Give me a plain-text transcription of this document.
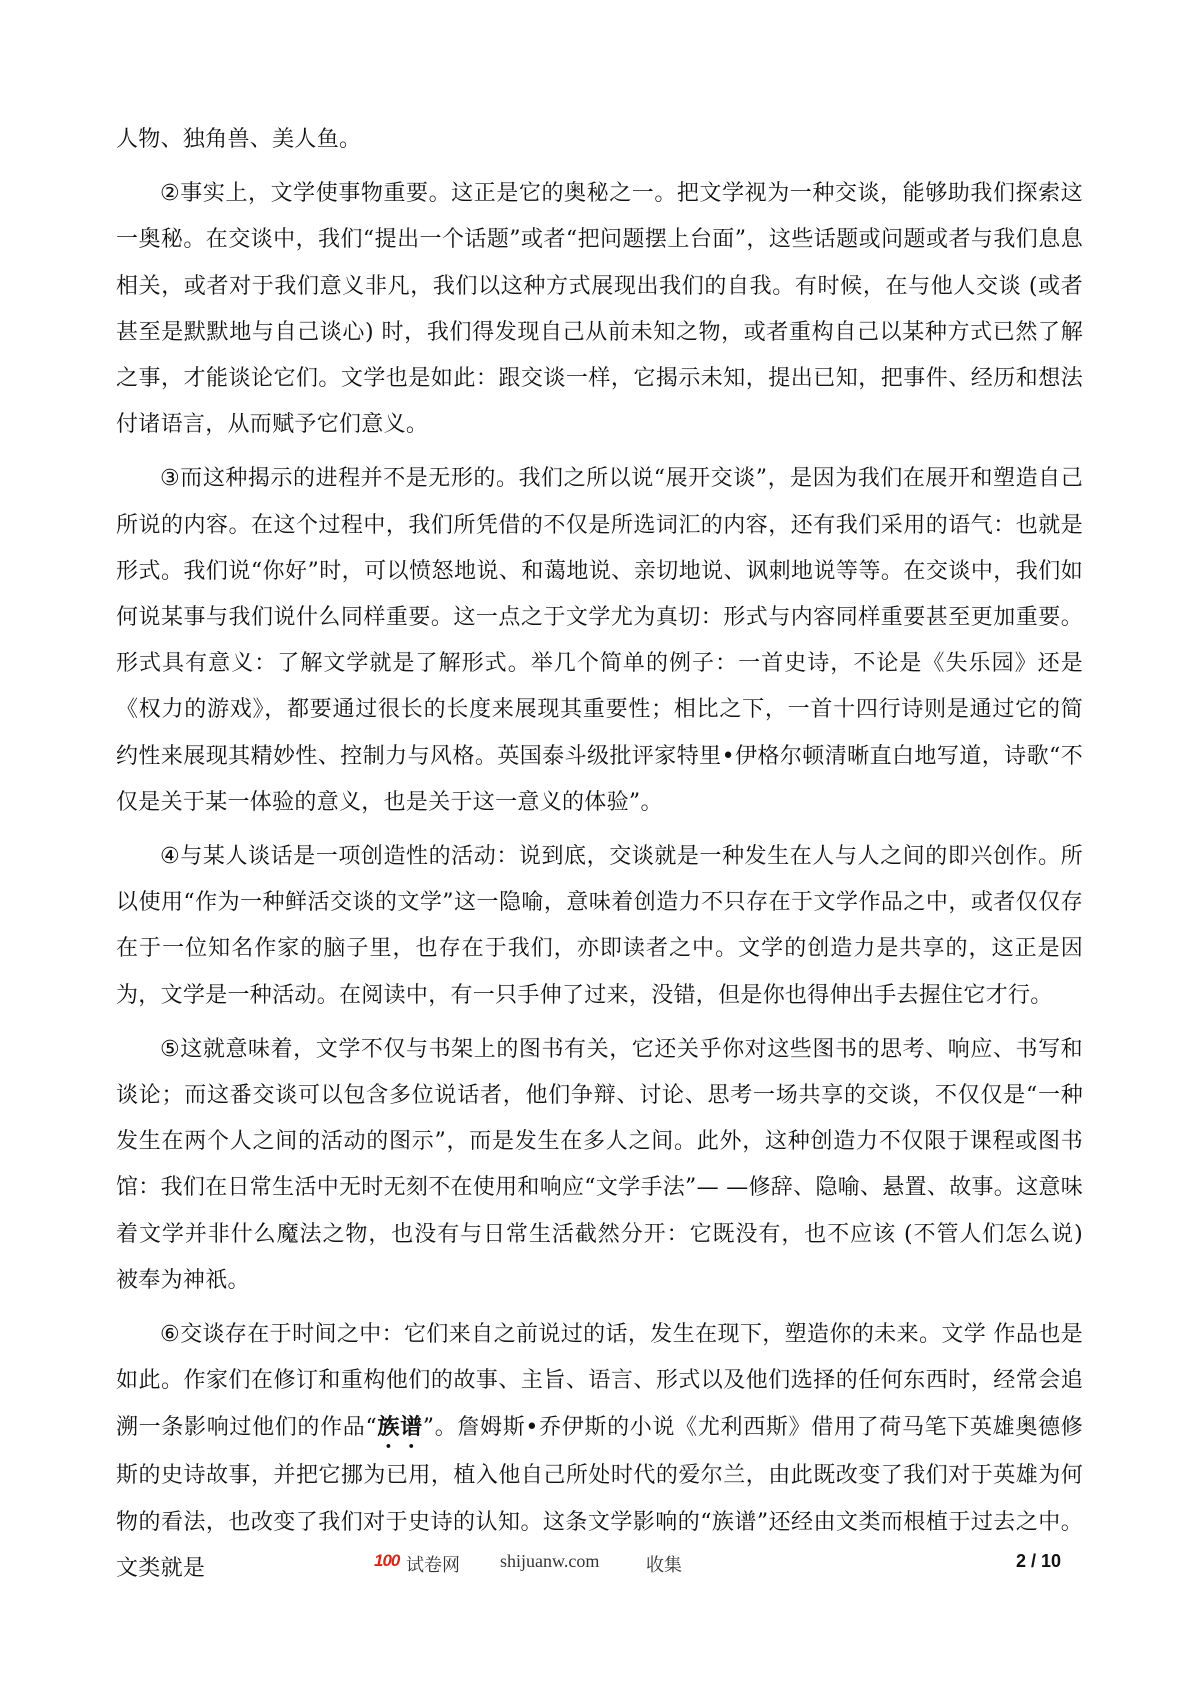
人物、独角兽、美人鱼。

②事实上，文学使事物重要。这正是它的奥秘之一。把文学视为一种交谈，能够助我们探索这一奥秘。在交谈中，我们“提出一个话题”或者“把问题摆上台面”，这些话题或问题或者与我们息息相关，或者对于我们意义非凡，我们以这种方式展现出我们的自我。有时候，在与他人交谈 (或者甚至是默默地与自己谈心) 时，我们得发现自己从前未知之物，或者重构自己以某种方式已然了解之事，才能谈论它们。文学也是如此：跟交谈一样，它揭示未知，提出已知，把事件、经历和想法付诸语言，从而赋予它们意义。

③而这种揭示的进程并不是无形的。我们之所以说“展开交谈”，是因为我们在展开和塑造自己所说的内容。在这个过程中，我们所凭借的不仅是所选词汇的内容，还有我们采用的语气：也就是形式。我们说“你好”时，可以愤怒地说、和蔼地说、亲切地说、讽刺地说等等。在交谈中，我们如何说某事与我们说什么同样重要。这一点之于文学尤为真切：形式与内容同样重要甚至更加重要。形式具有意义：了解文学就是了解形式。举几个简单的例子：一首史诗，不论是《失乐园》还是《权力的游戏》，都要通过很长的长度来展现其重要性；相比之下，一首十四行诗则是通过它的简约性来展现其精妙性、控制力与风格。英国泰斗级批评家特里•伊格尔顿清晰直白地写道，诗歌“不仅是关于某一体验的意义，也是关于这一意义的体验”。

④与某人谈话是一项创造性的活动：说到底，交谈就是一种发生在人与人之间的即兴创作。所以使用“作为一种鲜活交谈的文学”这一隐喻，意味着创造力不只存在于文学作品之中，或者仅仅存在于一位知名作家的脑子里，也存在于我们，亦即读者之中。文学的创造力是共享的，这正是因为，文学是一种活动。在阅读中，有一只手伸了过来，没错，但是你也得伸出手去握住它才行。

⑤这就意味着，文学不仅与书架上的图书有关，它还关乎你对这些图书的思考、响应、书写和谈论；而这番交谈可以包含多位说话者，他们争辩、讨论、思考一场共享的交谈，不仅仅是“一种发生在两个人之间的活动的图示”，而是发生在多人之间。此外，这种创造力不仅限于课程或图书馆：我们在日常生活中无时无刻不在使用和响应“文学手法”— —修辞、隐喻、悬置、故事。这意味着文学并非什么魔法之物，也没有与日常生活截然分开：它既没有，也不应该 (不管人们怎么说) 被奉为神祇。

⑥交谈存在于时间之中：它们来自之前说过的话，发生在现下，塑造你的未来。文学 作品也是如此。作家们在修订和重构他们的故事、主旨、语言、形式以及他们选择的任何东西时，经常会追溯一条影响过他们的作品“族谱”。詹姆斯•乔伊斯的小说《尤利西斯》借用了荷马笔下英雄奥德修斯的史诗故事，并把它挪为已用，植入他自己所处时代的爱尔兰，由此既改变了我们对于英雄为何物的看法，也改变了我们对于史诗的认知。这条文学影响的“族谱”还经由文类而根植于过去之中。文类就是	100 试卷网 shijuanw.com	收集	2 / 10
